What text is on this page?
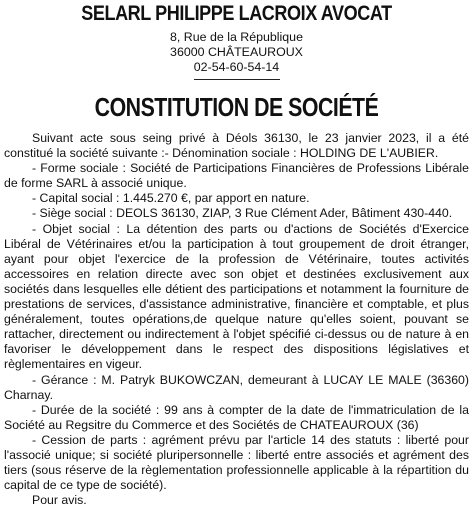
SELARL PHILIPPE LACROIX AVOCAT
8, Rue de la République
36000 CHÂTEAUROUX
02-54-60-54-14
CONSTITUTION DE SOCIÉTÉ

Suivant acte sous seing privé à Déols 36130, le 23 janvier 2023, il a été constitué la société suivante :- Dénomination sociale : HOLDING DE L'AUBIER.

- Forme sociale : Société de Participations Financières de Professions Libérale de forme SARL à associé unique.

- Capital social : 1.445.270 €, par apport en nature.

- Siège social : DEOLS 36130, ZIAP, 3 Rue Clément Ader, Bâtiment 430-440.

- Objet social : La détention des parts ou d'actions de Sociétés d'Exercice Libéral de Vétérinaires et/ou la participation à tout groupement de droit étranger, ayant pour objet l'exercice de la profession de Vétérinaire, toutes activités accessoires en relation directe avec son objet et destinées exclusivement aux sociétés dans lesquelles elle détient des participations et notamment la fourniture de prestations de services, d'assistance administrative, financière et comptable, et plus généralement, toutes opérations,de quelque nature qu'elles soient, pouvant se rattacher, directement ou indirectement à l'objet spécifié ci-dessus ou de nature à en favoriser le développement dans le respect des dispositions législatives et règlementaires en vigeur.

- Gérance : M. Patryk BUKOWCZAN, demeurant à LUCAY LE MALE (36360) Charnay.

- Durée de la société : 99 ans à compter de la date de l'immatriculation de la Société au Regsitre du Commerce et des Sociétés de CHATEAUROUX (36)

- Cession de parts : agrément prévu par l'article 14 des statuts : liberté pour l'associé unique; si société pluripersonnelle : liberté entre associés et agrément des tiers (sous réserve de la règlementation professionnelle applicable à la répartition du capital de ce type de société).

Pour avis.
